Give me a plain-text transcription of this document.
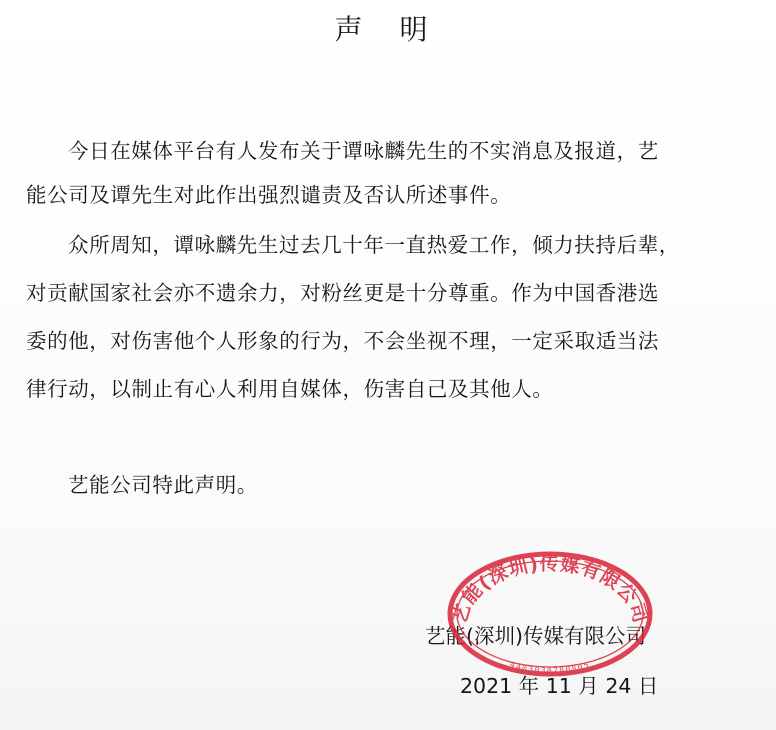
声 明
今日在媒体平台有人发布关于谭咏麟先生的不实消息及报道，艺
能公司及谭先生对此作出强烈谴责及否认所述事件。
众所周知，谭咏麟先生过去几十年一直热爱工作，倾力扶持后辈，
对贡献国家社会亦不遗余力，对粉丝更是十分尊重。作为中国香港选
委的他，对伤害他个人形象的行为，不会坐视不理，一定采取适当法
律行动，以制止有心人利用自媒体，伤害自己及其他人。
艺能公司特此声明。
艺能(深圳)传媒有限公司
2021 年 11 月 24 日
艺能(深圳)传媒有限公司
4403030780805
